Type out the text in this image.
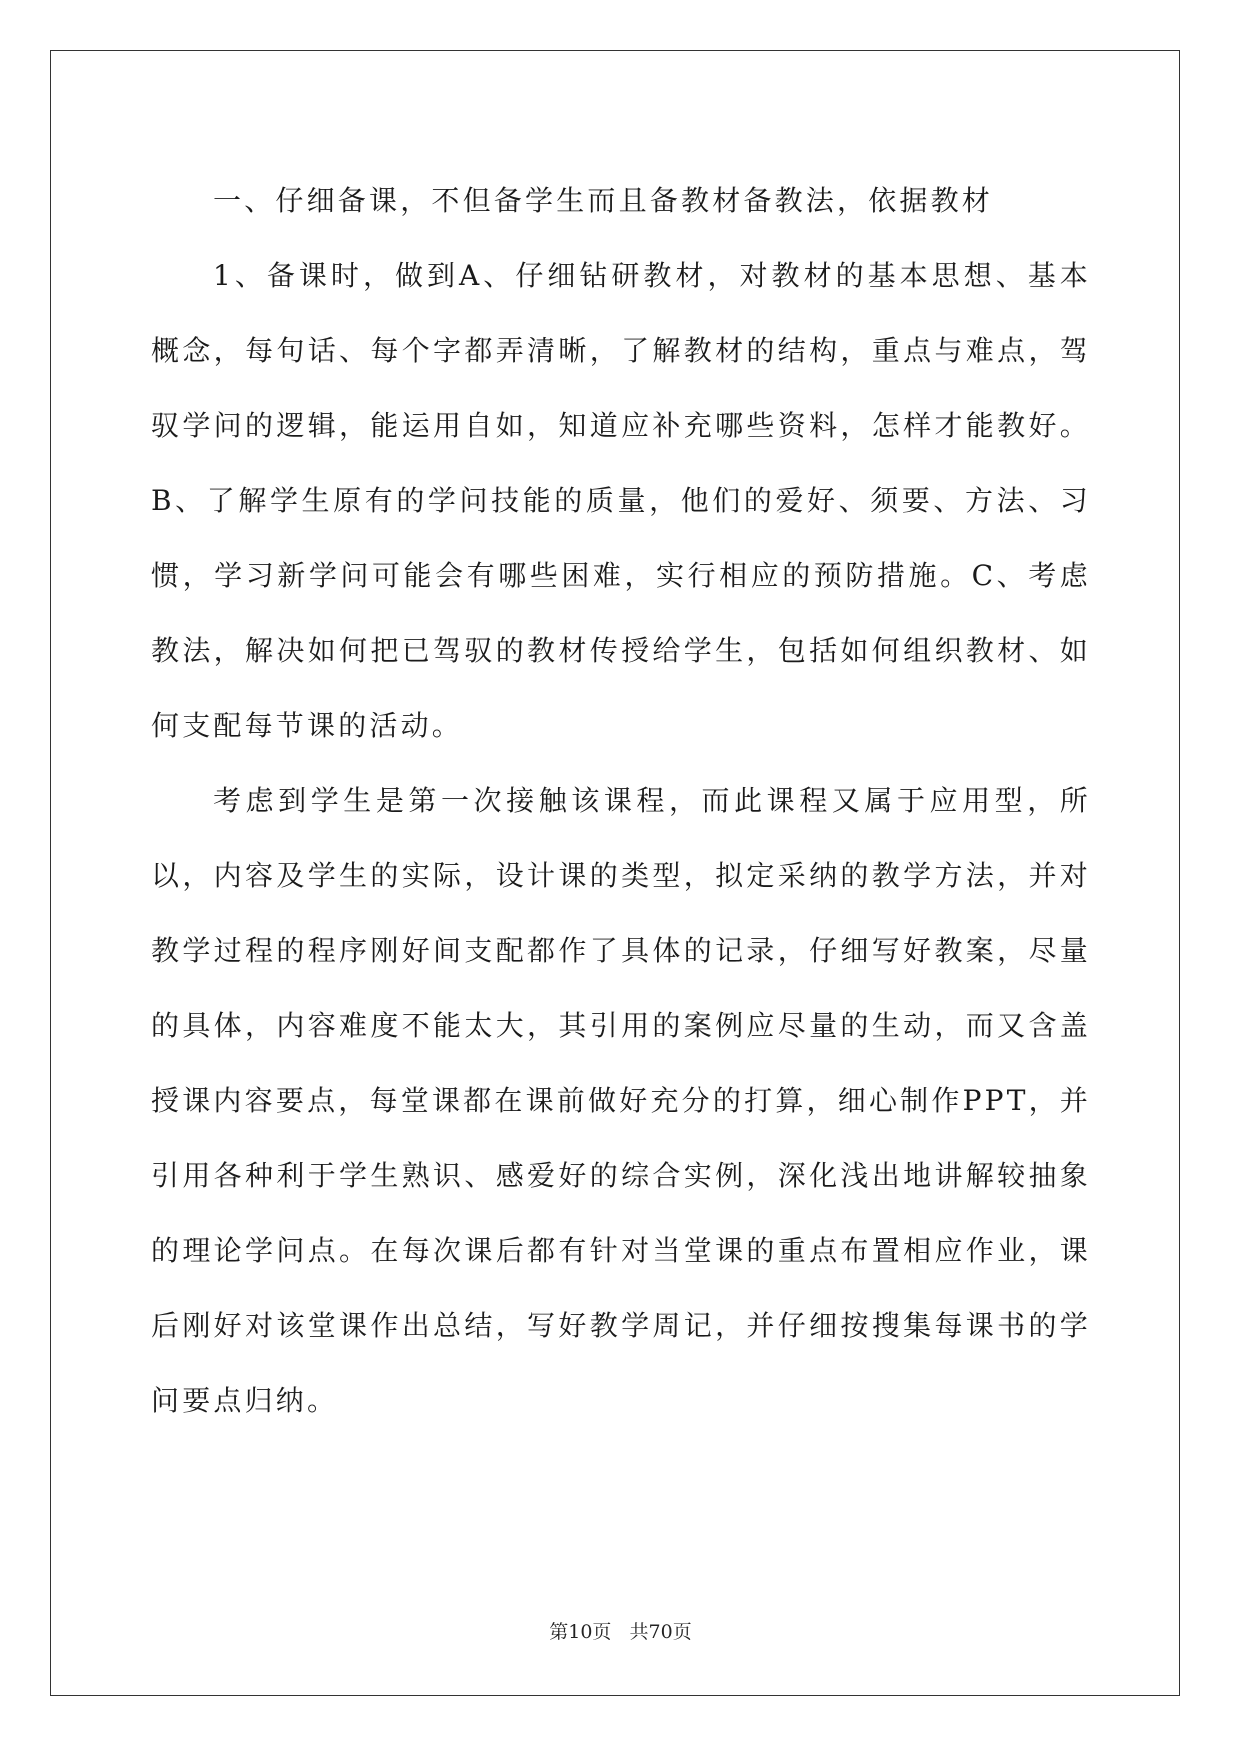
一、仔细备课，不但备学生而且备教材备教法，依据教材

1、备课时，做到A、仔细钻研教材，对教材的基本思想、基本概念，每句话、每个字都弄清晰，了解教材的结构，重点与难点，驾驭学问的逻辑，能运用自如，知道应补充哪些资料，怎样才能教好。B、了解学生原有的学问技能的质量，他们的爱好、须要、方法、习惯，学习新学问可能会有哪些困难，实行相应的预防措施。C、考虑教法，解决如何把已驾驭的教材传授给学生，包括如何组织教材、如何支配每节课的活动。

考虑到学生是第一次接触该课程，而此课程又属于应用型，所以，内容及学生的实际，设计课的类型，拟定采纳的教学方法，并对教学过程的程序刚好间支配都作了具体的记录，仔细写好教案，尽量的具体，内容难度不能太大，其引用的案例应尽量的生动，而又含盖授课内容要点，每堂课都在课前做好充分的打算，细心制作PPT，并引用各种利于学生熟识、感爱好的综合实例，深化浅出地讲解较抽象的理论学问点。在每次课后都有针对当堂课的重点布置相应作业，课后刚好对该堂课作出总结，写好教学周记，并仔细按搜集每课书的学问要点归纳。

第10页   共70页
